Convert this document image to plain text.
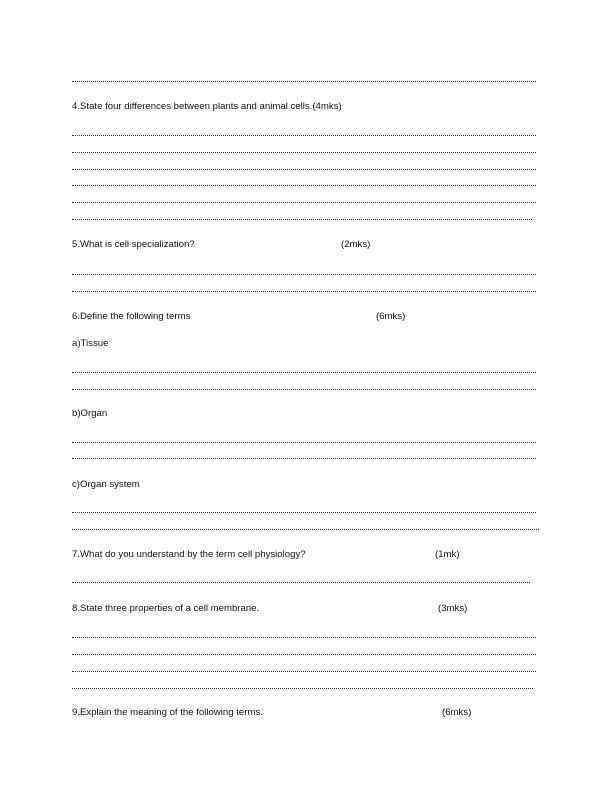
4.State four differences between plants and animal cells.(4mks)
5.What is cell specialization?	(2mks)
6.Define the following terms	(6mks)
a)Tissue
b)Organ
c)Organ system
7.What do you understand by the term cell physiology?	(1mk)
8.State three properties of a cell membrane.	(3mks)
9.Explain the meaning of the following terms.	(6mks)
